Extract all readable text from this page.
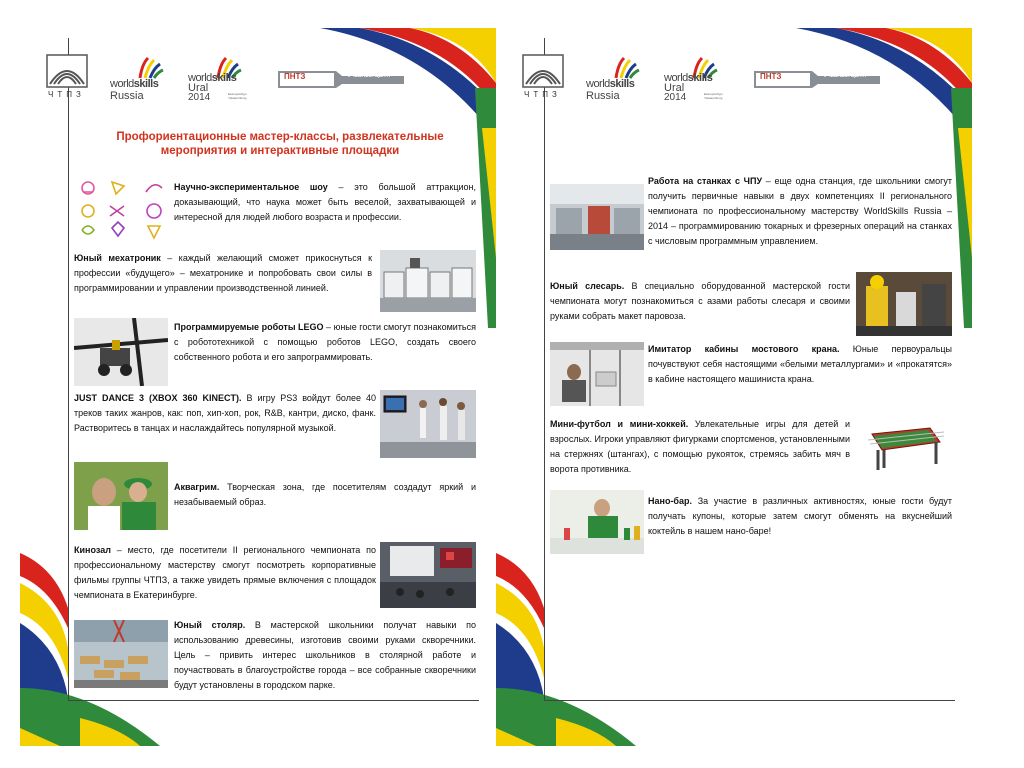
ЧТПЗ
worldskills
Russia
worldskills
Ural
2014	Екатеринбург Yekaterinburg
ПНТЗ	УЧЕБНЫЙ ЦЕНТР
Профориентационные мастер-классы, развлекательные
мероприятия и интерактивные площадки
Научно-экспериментальное шоу – это большой аттракцион, доказывающий, что наука может быть веселой, захватывающей и интересной для людей любого возраста и профессии.
Юный мехатроник – каждый желающий сможет прикоснуться к профессии «будущего» – мехатронике и попробовать свои силы в программировании и управлении производственной линией.
Программируемые роботы LEGO – юные гости смогут познакомиться с робототехникой с помощью роботов LEGO, создать своего собственного робота и его запрограммировать.
JUST DANCE 3 (XBOX 360 KINECT). В игру PS3 войдут более 40 треков таких жанров, как: поп, хип-хоп, рок, R&B, кантри, диско, фанк. Растворитесь в танцах и наслаждайтесь популярной музыкой.
Аквагрим. Творческая зона, где посетителям создадут яркий и незабываемый образ.
Кинозал – место, где посетители II регионального чемпионата по профессиональному мастерству смогут посмотреть корпоративные фильмы группы ЧТПЗ, а также увидеть прямые включения с площадок чемпионата в Екатеринбурге.
Юный столяр. В мастерской школьники получат навыки по использованию древесины, изготовив своими руками скворечники. Цель – привить интерес школьников в столярной работе и поучаствовать в благоустройстве города – все собранные скворечники будут установлены в городском парке.
ЧТПЗ
worldskills
Russia
worldskills
Ural
2014	Екатеринбург Yekaterinburg
ПНТЗ	УЧЕБНЫЙ ЦЕНТР
Работа на станках с ЧПУ – еще одна станция, где школьники смогут получить первичные навыки в двух компетенциях II регионального чемпионата по профессиональному мастерству WorldSkills Russia – 2014 – программированию токарных и фрезерных операций на станках с числовым программным управлением.
Юный слесарь. В специально оборудованной мастерской гости чемпионата могут познакомиться с азами работы слесаря и своими руками собрать макет паровоза.
Имитатор кабины мостового крана. Юные первоуральцы почувствуют себя настоящими «белыми металлургами» и «прокатятся» в кабине настоящего машиниста крана.
Мини-футбол и мини-хоккей. Увлекательные игры для детей и взрослых. Игроки управляют фигурками спортсменов, установленными на стержнях (штангах), с помощью рукояток, стремясь забить мяч в ворота противника.
Нано-бар. За участие в различных активностях, юные гости будут получать купоны, которые затем смогут обменять на вкуснейший коктейль в нашем нано-баре!
